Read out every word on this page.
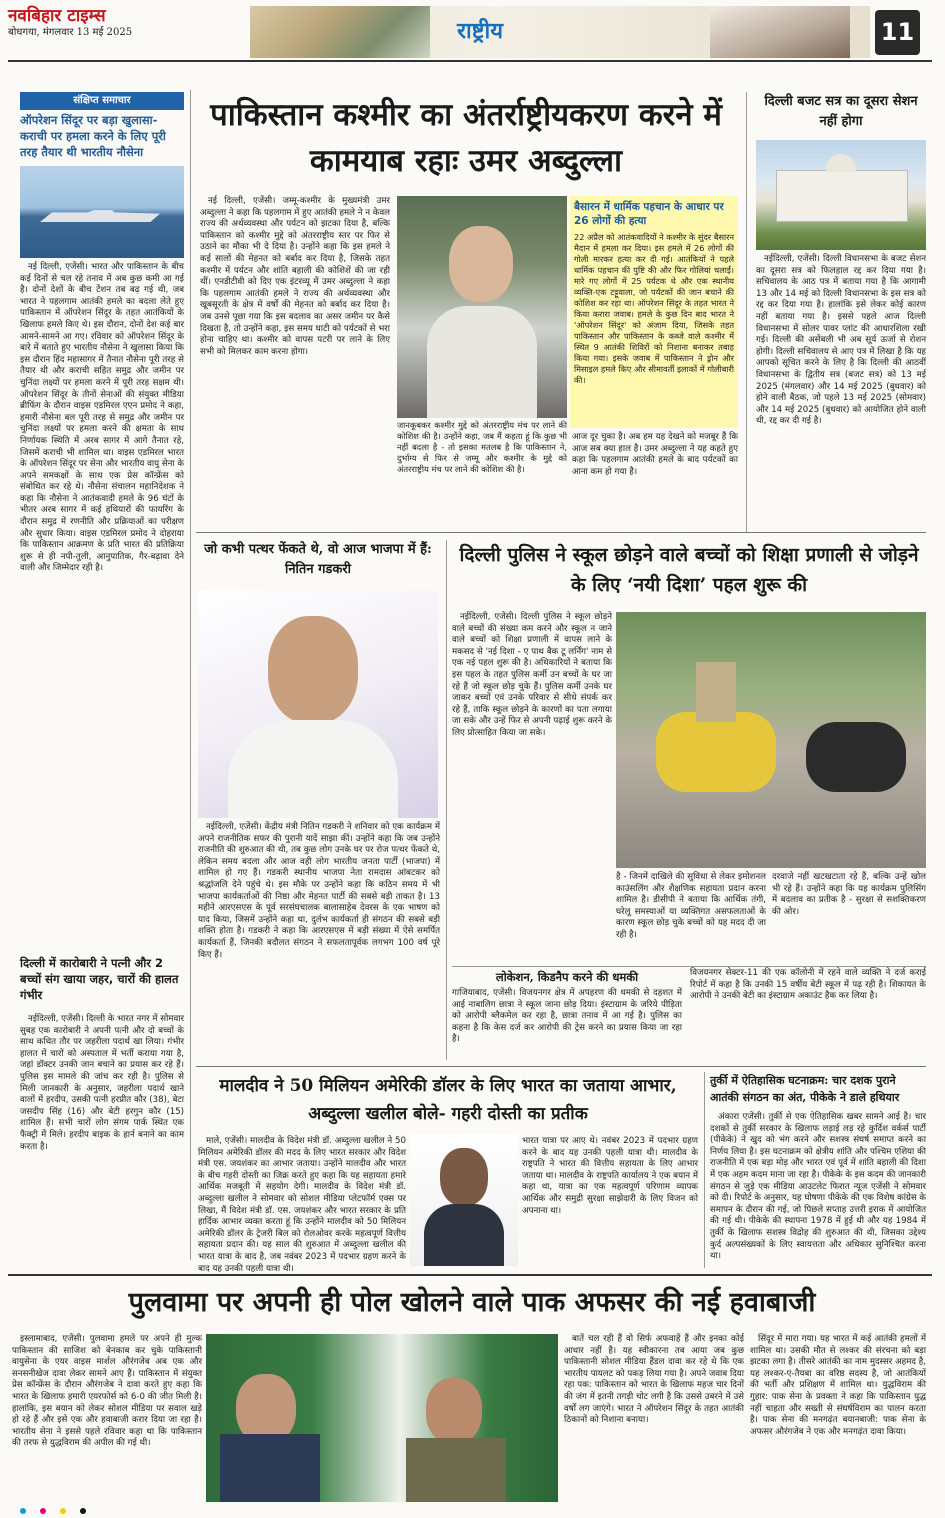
नवबिहार टाइम्स
बोधगया, मंगलवार 13 मई 2025	राष्ट्रीय	11
संक्षिप्त समाचार
ऑपरेशन सिंदूर पर बड़ा खुलासा- कराची पर हमला करने के लिए पूरी तरह तैयार थी भारतीय नौसेना

नई दिल्ली, एजेंसी। भारत और पाकिस्तान के बीच कई दिनों से चल रहे तनाव में अब कुछ कमी आ गई है। दोनों देशों के बीच टेंशन तब बढ़ गई थी, जब भारत ने पहलगाम आतंकी हमले का बदला लेते हुए पाकिस्तान में ऑपरेशन सिंदूर के तहत आतंकियों के खिलाफ हमले किए थे। इस दौरान, दोनों देश कई बार आमने-सामने आ गए। रविवार को ऑपरेशन सिंदूर के बारे में बताते हुए भारतीय नौसेना ने खुलासा किया कि इस दौरान हिंद महासागर में तैनात नौसेना पूरी तरह से तैयार थी और कराची सहित समुद्र और जमीन पर चुनिंदा लक्ष्यों पर हमला करने में पूरी तरह सक्षम थी। ऑपरेशन सिंदूर के तीनों सेनाओं की संयुक्त मीडिया ब्रीफिंग के दौरान वाइस एडमिरल एएन प्रमोद ने कहा, हमारी नौसेना बल पूरी तरह से समुद्र और जमीन पर चुनिंदा लक्ष्यों पर हमला करने की क्षमता के साथ निर्णायक स्थिति में अरब सागर में आगे तैनात रहे, जिसमें कराची भी शामिल था। वाइस एडमिरल भारत के ऑपरेशन सिंदूर पर सेना और भारतीय वायु सेना के अपने समकक्षों के साथ एक प्रेस कॉन्फ्रेंस को संबोधित कर रहे थे। नौसेना संचालन महानिदेशक ने कहा कि नौसेना ने आतंकवादी हमले के 96 घंटों के भीतर अरब सागर में कई हथियारों की फायरिंग के दौरान समुद्र में रणनीति और प्रक्रियाओं का परीक्षण और सुधार किया। वाइस एडमिरल प्रमोद ने दोहराया कि पाकिस्तान आक्रमण के प्रति भारत की प्रतिक्रिया शुरू से ही नपी-तुली, आनुपातिक, गैर-बढ़ावा देने वाली और जिम्मेदार रही है।

दिल्ली में कारोबारी ने पत्नी और 2 बच्चों संग खाया जहर, चारों की हालत गंभीर

नईदिल्ली, एजेंसी। दिल्ली के भारत नगर में सोमवार सुबह एक कारोबारी ने अपनी पत्नी और दो बच्चों के साथ कथित तौर पर जहरीला पदार्थ खा लिया। गंभीर हालत में चारों को अस्पताल में भर्ती कराया गया है, जहां डॉक्टर उनकी जान बचाने का प्रयास कर रहे हैं। पुलिस इस मामले की जांच कर रही है। पुलिस से मिली जानकारी के अनुसार, जहरीला पदार्थ खाने वालों में हरदीप, उसकी पत्नी हरप्रीत कौर (38), बेटा जसदीप सिंह (16) और बेटी हरगुन कौर (15) शामिल हैं। सभी चारों लोग संगम पार्क स्थित एक फैक्ट्री में मिले। हरदीप बाइक के हार्न बनाने का काम करता है।

पाकिस्तान कश्मीर का अंतर्राष्ट्रीयकरण करने में कामयाब रहाः उमर अब्दुल्ला

नई दिल्ली, एजेंसी। जम्मू-कश्मीर के मुख्यमंत्री उमर अब्दुल्ला ने कहा कि पहलगाम में हुए आतंकी हमले ने न केवल राज्य की अर्थव्यवस्था और पर्यटन को झटका दिया है, बल्कि पाकिस्तान को कश्मीर मुद्दे को अंतरराष्ट्रीय स्तर पर फिर से उठाने का मौका भी दे दिया है। उन्होंने कहा कि इस हमले ने कई सालों की मेहनत को बर्बाद कर दिया है, जिसके तहत कश्मीर में पर्यटन और शांति बहाली की कोशिशें की जा रही थीं। एनडीटीवी को दिए एक इंटरव्यू में उमर अब्दुल्ला ने कहा कि पहलगाम आतंकी हमले ने राज्य की अर्थव्यवस्था और खूबसूरती के क्षेत्र में वर्षों की मेहनत को बर्बाद कर दिया है। जब उनसे पूछा गया कि इस बदलाव का असर जमीन पर कैसे दिखता है, तो उन्होंने कहा, इस समय घाटी को पर्यटकों से भरा होना चाहिए था। कश्मीर को वापस पटरी पर लाने के लिए सभी को मिलकर काम करना होगा।

जानकूबकर कश्मीर मुद्दे को अंतरराष्ट्रीय मंच पर लाने की कोशिश की है। उन्होंने कहा, जब मैं कहता हूं कि कुछ भी नहीं बदला है - तो इसका मतलब है कि पाकिस्तान ने, दुर्भाग्य से फिर से जम्मू और कश्मीर के मुद्दे को अंतरराष्ट्रीय मंच पर लाने की कोशिश की है।
बैसारन में धार्मिक पहचान के आधार पर 26 लोगों की हत्या
22 अप्रैल को आतंकवादियों ने कश्मीर के सुंदर बैसारन मैदान में हमला कर दिया। इस हमले में 26 लोगों की गोली मारकर हत्या कर दी गई। आतंकियों ने पहले धार्मिक पहचान की पुष्टि की और फिर गोलियां चलाईं। मारे गए लोगों में 25 पर्यटक थे और एक स्थानीय व्यक्ति-एक टट्टूवाला, जो पर्यटकों की जान बचाने की कोशिश कर रहा था। ऑपरेशन सिंदूर के तहत भारत ने किया करारा जवाब। हमले के कुछ दिन बाद भारत ने 'ऑपरेशन सिंदूर' को अंजाम दिया, जिसके तहत पाकिस्तान और पाकिस्तान के कब्जे वाले कश्मीर में स्थित 9 आतंकी शिविरों को निशाना बनाकर तबाह किया गया। इसके जवाब में पाकिस्तान ने ड्रोन और मिसाइल हमले किए और सीमावर्ती इलाकों में गोलीबारी की।
आज दूर चुका है। अब हम यह देखने को मजबूर हैं कि आज सब क्या हाल है। उमर अब्दुल्ला ने यह कहते हुए कहा कि पहलगाम आतंकी हमले के बाद पर्यटकों का आना कम हो गया है।
दिल्ली बजट सत्र का दूसरा सेशन नहीं होगा

नईदिल्ली, एजेंसी। दिल्ली विधानसभा के बजट सेशन का दूसरा सत्र को फिलहाल रद्द कर दिया गया है। सचिवालय के आठ पत्र में बताया गया है कि आगामी 13 और 14 मई को दिल्ली विधानसभा के इस सत्र को रद्द कर दिया गया है। हालांकि इसे लेकर कोई कारण नहीं बताया गया है। इससे पहले आज दिल्ली विधानसभा में सोलर पावर प्लांट की आधारशिला रखी गई। दिल्ली की असेंबली भी अब सूर्य ऊर्जा से रोशन होगी। दिल्ली सचिवालय से आए पत्र में लिखा है कि यह आपको सूचित करने के लिए है कि दिल्ली की आठवीं विधानसभा के द्वितीय सत्र (बजट सत्र) को 13 मई 2025 (मंगलवार) और 14 मई 2025 (बुधवार) को होने वाली बैठक, जो पहले 13 मई 2025 (सोमवार) और 14 मई 2025 (बुधवार) को आयोजित होने वाली थी, रद्द कर दी गई है।

जो कभी पत्थर फेंकते थे, वो आज भाजपा में हैं: नितिन गडकरी

नईदिल्ली, एजेंसी। केंद्रीय मंत्री नितिन गडकरी ने शनिवार को एक कार्यक्रम में अपने राजनीतिक सफर की पुरानी यादें साझा कीं। उन्होंने कहा कि जब उन्होंने राजनीति की शुरुआत की थी, तब कुछ लोग उनके घर पर रोज पत्थर फेंकते थे, लेकिन समय बदला और आज वही लोग भारतीय जनता पार्टी (भाजपा) में शामिल हो गए हैं। गडकरी स्थानीय भाजपा नेता रामदास आंबटकर को श्रद्धांजलि देने पहुंचे थे। इस मौके पर उन्होंने कहा कि कठिन समय में भी भाजपा कार्यकर्ताओं की निष्ठा और मेहनत पार्टी की सबसे बड़ी ताकत है। 13 महीने आरएसएस के पूर्व सरसंघचालक बालासाहेब देवरस के एक भाषण को याद किया, जिसमें उन्होंने कहा था, दुर्लभ कार्यकर्ता ही संगठन की सबसे बड़ी शक्ति होता है। गडकरी ने कहा कि आरएसएस में बड़ी संख्या में ऐसे समर्पित कार्यकर्ता हैं, जिनकी बदौलत संगठन ने सफलतापूर्वक लगभग 100 वर्ष पूरे किए हैं।

दिल्ली पुलिस ने स्कूल छोड़ने वाले बच्चों को शिक्षा प्रणाली से जोड़ने के लिए ‘नयी दिशा’ पहल शुरू की

नईदिल्ली, एजेंसी। दिल्ली पुलिस ने स्कूल छोड़ने वाले बच्चों की संख्या कम करने और स्कूल न जाने वाले बच्चों को शिक्षा प्रणाली में वापस लाने के मकसद से 'नई दिशा - ए पाथ बैक टू लर्निंग' नाम से एक नई पहल शुरू की है। अधिकारियों ने बताया कि इस पहल के तहत पुलिस कर्मी उन बच्चों के घर जा रहे हैं जो स्कूल छोड़ चुके हैं। पुलिस कर्मी उनके घर जाकर बच्चों एवं उनके परिवार से सीधे संपर्क कर रहे हैं, ताकि स्कूल छोड़ने के कारणों का पता लगाया जा सके और उन्हें फिर से अपनी पढ़ाई शुरू करने के लिए प्रोत्साहित किया जा सके।

है - जिनमें दाखिले की सुविधा से लेकर इमोशनल काउंसलिंग और शैक्षणिक सहायता प्रदान करना शामिल है। डीसीपी ने बताया कि आर्थिक तंगी, घरेलू समस्याओं या व्यक्तिगत असफलताओं के कारण स्कूल छोड़ चुके बच्चों को यह मदद दी जा रही है।
दरवाजे नहीं खटखटाता रहे हैं, बल्कि उन्हें खोल भी रहे हैं। उन्होंने कहा कि यह कार्यक्रम पुलिसिंग में बदलाव का प्रतीक है - सुरक्षा से सशक्तिकरण की ओर।
लोकेशन, किडनैप करने की धमकी
गाजियाबाद, एजेंसी। विजयनगर क्षेत्र में अपहरण की धमकी से दहशत में आई नाबालिग छात्रा ने स्कूल जाना छोड़ दिया। इंस्टाग्राम के जरिये पीड़िता को आरोपी ब्लैकमेल कर रहा है, छात्रा तनाव में आ गई है। पुलिस का कहना है कि केस दर्ज कर आरोपी की ट्रेस करने का प्रयास किया जा रहा है।
विजयनगर सेक्टर-11 की एक कॉलोनी में रहने वाले व्यक्ति ने दर्ज कराई रिपोर्ट में कहा है कि उनकी 15 वर्षीय बेटी स्कूल में पढ़ रही है। शिकायत के आरोपी ने उनकी बेटी का इंस्टाग्राम अकाउंट हैक कर लिया है।
मालदीव ने 50 मिलियन अमेरिकी डॉलर के लिए भारत का जताया आभार, अब्दुल्ला खलील बोले- गहरी दोस्ती का प्रतीक

माले, एजेंसी। मालदीव के विदेश मंत्री डॉ. अब्दुल्ला खलील ने 50 मिलियन अमेरिकी डॉलर की मदद के लिए भारत सरकार और विदेश मंत्री एस. जयशंकर का आभार जताया। उन्होंने मालदीव और भारत के बीच गहरी दोस्ती का जिक्र करते हुए कहा कि यह सहायता हमारे आर्थिक मजबूती में सहयोग देगी। मालदीव के विदेश मंत्री डॉ. अब्दुल्ला खलील ने सोमवार को सोशल मीडिया प्लेटफॉर्म एक्स पर लिखा, मैं विदेश मंत्री डॉ. एस. जयशंकर और भारत सरकार के प्रति हार्दिक आभार व्यक्त करता हूं कि उन्होंने मालदीव को 50 मिलियन अमेरिकी डॉलर के ट्रेजरी बिल को रोलओवर करके महत्वपूर्ण वित्तीय सहायता प्रदान की। यह साल की शुरुआत में अब्दुल्ला खलील की भारत यात्रा के बाद है, जब नवंबर 2023 में पदभार ग्रहण करने के बाद यह उनकी पहली यात्रा थी।

भारत यात्रा पर आए थे। नवंबर 2023 में पदभार ग्रहण करने के बाद यह उनकी पहली यात्रा थी। मालदीव के राष्ट्रपति ने भारत की वित्तीय सहायता के लिए आभार जताया था। मालदीव के राष्ट्रपति कार्यालय ने एक बयान में कहा था, यात्रा का एक महत्वपूर्ण परिणाम व्यापक आर्थिक और समुद्री सुरक्षा साझेदारी के लिए विजन को अपनाना था।
तुर्की में ऐतिहासिक घटनाक्रम: चार दशक पुराने आतंकी संगठन का अंत, पीकेके ने डाले हथियार

अंकारा एजेंसी। तुर्की से एक ऐतिहासिक खबर सामने आई है। चार दशकों से तुर्की सरकार के खिलाफ लड़ाई लड़ रहे कुर्दिश वर्कर्स पार्टी (पीकेके) ने खुद को भंग करने और सशस्त्र संघर्ष समाप्त करने का निर्णय लिया है। इस घटनाक्रम को क्षेत्रीय शांति और पश्चिम एशिया की राजनीति में एक बड़ा मोड़ और भारत एवं पूर्व में शांति बहाली की दिशा में एक अहम कदम माना जा रहा है। पीकेके के इस कदम की जानकारी संगठन से जुड़े एक मीडिया आउटलेट फिरात न्यूज एजेंसी ने सोमवार को दी। रिपोर्ट के अनुसार, यह घोषणा पीकेके की एक विशेष कांग्रेस के समापन के दौरान की गई, जो पिछले सप्ताह उत्तरी इराक में आयोजित की गई थी। पीकेके की स्थापना 1978 में हुई थी और यह 1984 में तुर्की के खिलाफ सशस्त्र विद्रोह की शुरुआत की थी, जिसका उद्देश्य कुर्द अल्पसंख्यकों के लिए स्वायत्तता और अधिकार सुनिश्चित करना था।

पुलवामा पर अपनी ही पोल खोलने वाले पाक अफसर की नई हवाबाजी

इस्लामाबाद, एजेंसी। पुलवामा हमले पर अपने ही मुल्क पाकिस्तान की साजिश को बेनकाब कर चुके पाकिस्तानी वायुसेना के एयर वाइस मार्शल औरंगजेब अब एक और सनसनीखेज दावा लेकर सामने आए हैं। पाकिस्तान में संयुक्त प्रेस कॉन्फ्रेंस के दौरान औरंगजेब ने दावा करते हुए कहा कि भारत के खिलाफ हमारी एयरफोर्स को 6-0 की जीत मिली है। हालांकि, इस बयान को लेकर सोशल मीडिया पर सवाल खड़े हो रहे हैं और इसे एक और हवाबाजी करार दिया जा रहा है। भारतीय सेना ने इससे पहले रविवार कहा था कि पाकिस्तान की तरफ से युद्धविराम की अपील की गई थी।

बातें चल रही हैं वो सिर्फ अफवाहें हैं और इनका कोई आधार नहीं है। यह स्वीकारना तब आया जब कुछ पाकिस्तानी सोशल मीडिया हैंडल दावा कर रहे थे कि एक भारतीय पायलट को पकड़ लिया गया है। अपने जवाब दिया रहा पक: पाकिस्तान को भारत के खिलाफ महज चार दिनों की जंग में इतनी तगड़ी चोट लगी है कि उससे उबरने में उसे वर्षों लग जाएंगे। भारत ने ऑपरेशन सिंदूर के तहत आतंकी ठिकानों को निशाना बनाया।

सिंदूर में मारा गया। यह भारत में कई आतंकी हमलों में शामिल था। उसकी मौत से लश्कर की संरचना को बड़ा झटका लगा है। तीसरे आतंकी का नाम मुदस्सर अहमद है, यह लश्कर-ए-तैयबा का वरिष्ठ सदस्य है, जो आतंकियों की भर्ती और प्रशिक्षण में शामिल था। युद्धविराम की गुहार: पाक सेना के प्रवक्ता ने कहा कि पाकिस्तान युद्ध नहीं चाहता और सख्ती से संघर्षविराम का पालन करता है। पाक सेना की मनगढ़ंत बयानबाजी: पाक सेना के अफसर औरंगजेब ने एक और मनगढ़ंत दावा किया।
